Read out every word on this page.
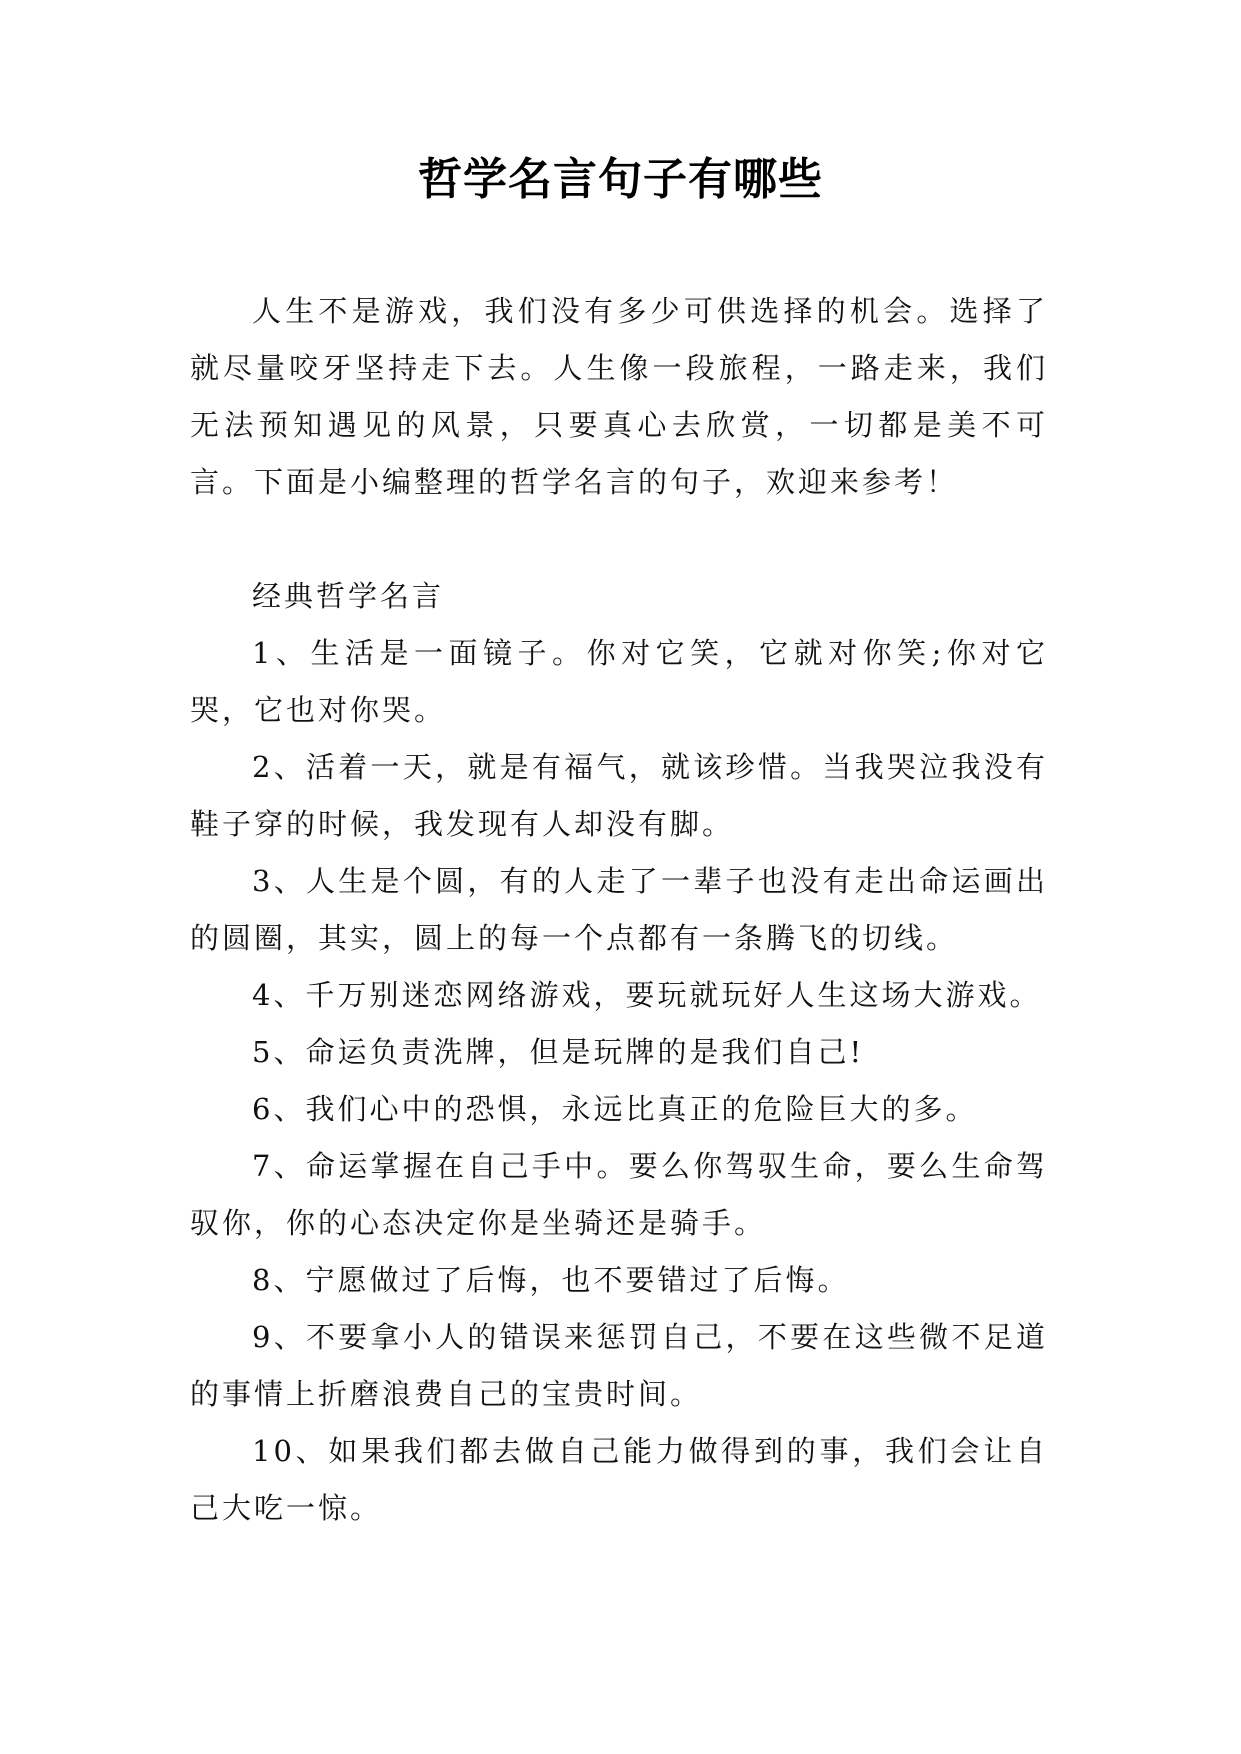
哲学名言句子有哪些

人生不是游戏，我们没有多少可供选择的机会。选择了就尽量咬牙坚持走下去。人生像一段旅程，一路走来，我们无法预知遇见的风景，只要真心去欣赏，一切都是美不可言。下面是小编整理的哲学名言的句子，欢迎来参考！

经典哲学名言

1、生活是一面镜子。你对它笑，它就对你笑;你对它哭，它也对你哭。

2、活着一天，就是有福气，就该珍惜。当我哭泣我没有鞋子穿的时候，我发现有人却没有脚。

3、人生是个圆，有的人走了一辈子也没有走出命运画出的圆圈，其实，圆上的每一个点都有一条腾飞的切线。

4、千万别迷恋网络游戏，要玩就玩好人生这场大游戏。

5、命运负责洗牌，但是玩牌的是我们自己!

6、我们心中的恐惧，永远比真正的危险巨大的多。

7、命运掌握在自己手中。要么你驾驭生命，要么生命驾驭你，你的心态决定你是坐骑还是骑手。

8、宁愿做过了后悔，也不要错过了后悔。

9、不要拿小人的错误来惩罚自己，不要在这些微不足道的事情上折磨浪费自己的宝贵时间。

10、如果我们都去做自己能力做得到的事，我们会让自己大吃一惊。
